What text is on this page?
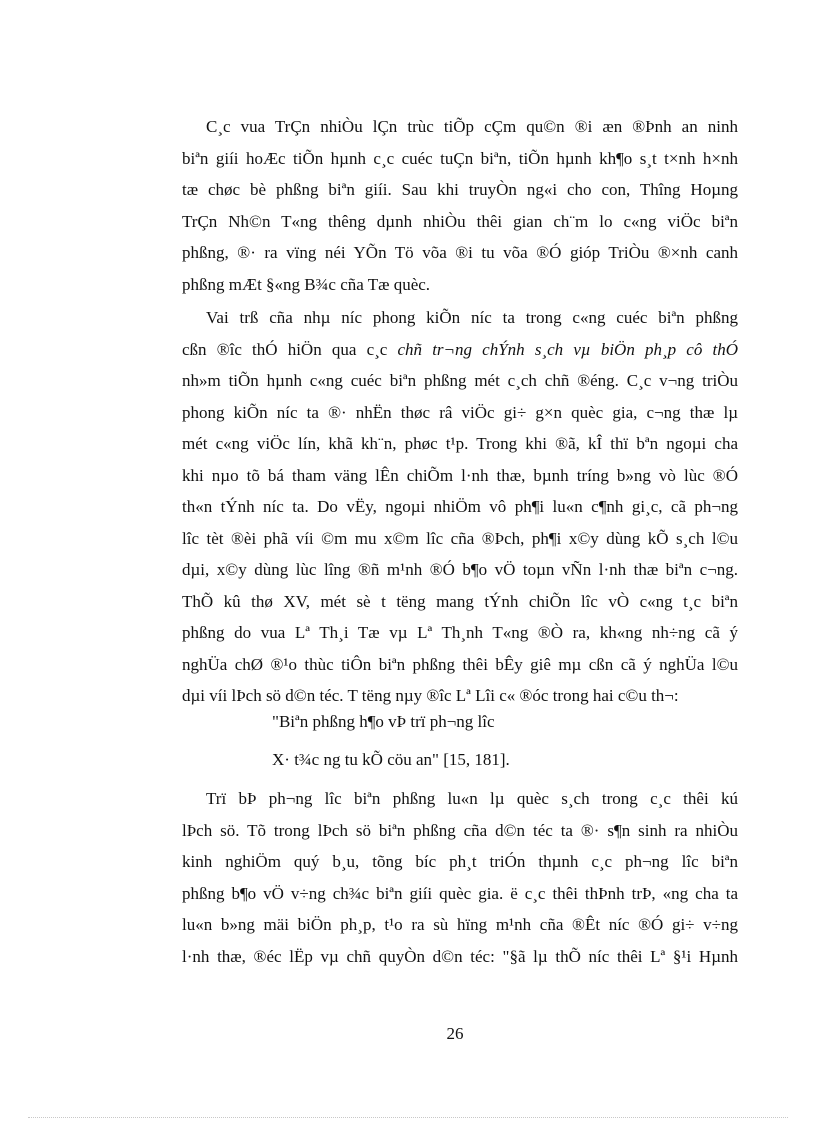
C¸c vua TrÇn nhiÒu lÇn trùc tiÕp cÇm qu©n ®i æn ®Þnh an ninh
biªn giíi hoÆc tiÕn hµnh c¸c cuéc tuÇn biªn, tiÕn hµnh kh¶o s¸t t×nh h×nh
tæ chøc bè phßng biªn giíi. Sau khi truyÒn ng«i cho con, Thîng Hoµng
TrÇn Nh©n T«ng thêng dµnh nhiÒu thêi gian ch¨m lo c«ng viÖc biªn
phßng, ®· ra vïng néi YÕn Tö võa ®i tu võa ®Ó gióp TriÒu ®×nh canh
phßng mÆt §«ng B¾c cña Tæ quèc.
Vai trß cña nhµ níc phong kiÕn níc ta trong c«ng cuéc biªn phßng
cßn ®îc thÓ hiÖn qua c¸c chñ tr¬ng chÝnh s¸ch vµ biÖn ph¸p cô thÓ
nh»m tiÕn hµnh c«ng cuéc biªn phßng mét c¸ch chñ ®éng. C¸c v¬ng triÒu
phong kiÕn níc ta ®· nhËn thøc râ viÖc gi÷ g×n quèc gia, c¬ng thæ lµ
mét c«ng viÖc lín, khã kh¨n, phøc t¹p. Trong khi ®ã, kÎ thï bªn ngoµi cha
khi nµo tõ bá tham väng lÊn chiÕm l·nh thæ, bµnh tríng b»ng vò lùc ®Ó
th«n tÝnh níc ta. Do vËy, ngoµi nhiÖm vô ph¶i lu«n c¶nh gi¸c, cã ph¬ng
lîc tèt ®èi phã víi ©m mu x©m lîc cña ®Þch, ph¶i x©y dùng kÕ s¸ch l©u
dµi, x©y dùng lùc lîng ®ñ m¹nh ®Ó b¶o vÖ toµn vÑn l·nh thæ biªn c¬ng.
ThÕ kû thø XV, mét sè t tëng mang tÝnh chiÕn lîc vÒ c«ng t¸c biªn
phßng do vua Lª Th¸i Tæ vµ Lª Th¸nh T«ng ®Ò ra, kh«ng nh÷ng cã ý
nghÜa chØ ®¹o thùc tiÔn biªn phßng thêi bÊy giê mµ cßn cã ý nghÜa l©u
dµi víi lÞch sö d©n téc. T tëng nµy ®îc Lª Lîi c« ®óc trong hai c©u th¬:
"Biªn phßng h¶o vÞ trï ph¬ng lîc
X· t¾c ng tu kÕ cöu an" [15, 181].
Trï bÞ ph¬ng lîc biªn phßng lu«n lµ quèc s¸ch trong c¸c thêi kú
lÞch sö. Tõ trong lÞch sö biªn phßng cña d©n téc ta ®· s¶n sinh ra nhiÒu
kinh nghiÖm quý b¸u, tõng bíc ph¸t triÓn thµnh c¸c ph¬ng lîc biªn
phßng b¶o vÖ v÷ng ch¾c biªn giíi quèc gia. ë c¸c thêi thÞnh trÞ, «ng cha ta
lu«n b»ng mäi biÖn ph¸p, t¹o ra sù hïng m¹nh cña ®Êt níc ®Ó gi÷ v÷ng
l·nh thæ, ®éc lËp vµ chñ quyÒn d©n téc: "§ã lµ thÕ níc thêi Lª §¹i Hµnh
26
